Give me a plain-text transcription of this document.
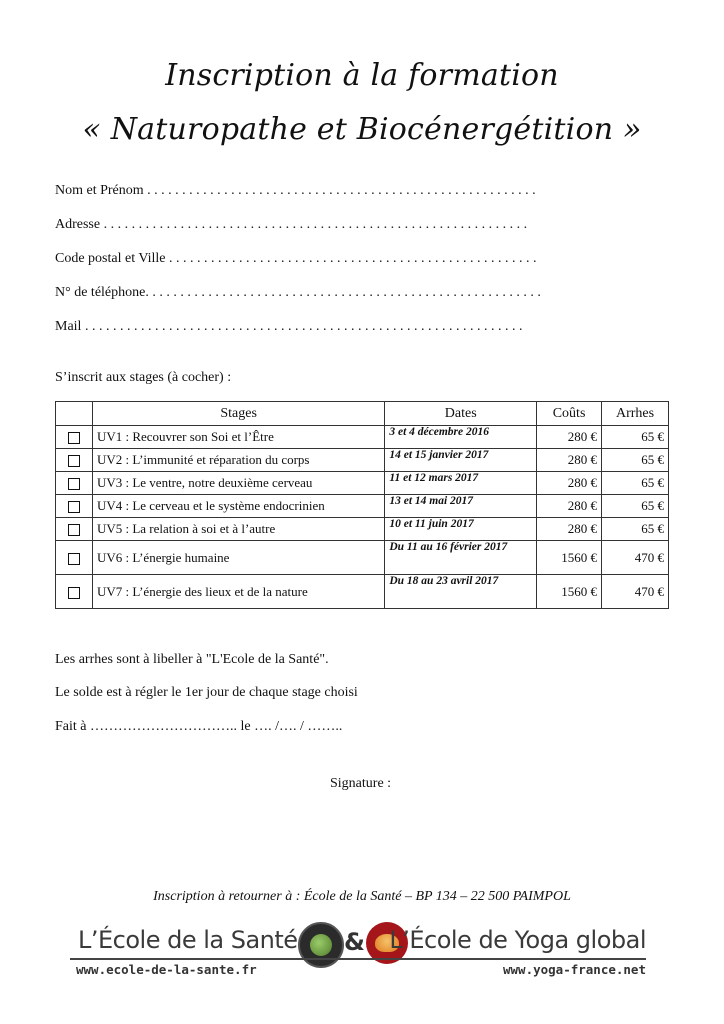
Inscription à la formation
« Naturopathe et Biocénergétition »
Nom et Prénom . . . . . . . . . . . . . . . . . . . . . . . . . . . . . . . . . . . . . . . . . . . . . . . . . . . . . . . .
Adresse . . . . . . . . . . . . . . . . . . . . . . . . . . . . . . . . . . . . . . . . . . . . . . . . . . . . . . . . . . . . .
Code postal et Ville . . . . . . . . . . . . . . . . . . . . . . . . . . . . . . . . . . . . . . . . . . . . . . . . . . . . .
N° de téléphone. . . . . . . . . . . . . . . . . . . . . . . . . . . . . . . . . . . . . . . . . . . . . . . . . . . . . . . . .
Mail . . . . . . . . . . . . . . . . . . . . . . . . . . . . . . . . . . . . . . . . . . . . . . . . . . . . . . . . . . . . . . .
S’inscrit aux stages (à cocher) :
	Stages	Dates	Coûts	Arrhes
	UV1 : Recouvrer son Soi et l’Être	3 et 4 décembre 2016	280 €	65 €
	UV2 : L’immunité et réparation du corps	14 et 15 janvier 2017	280 €	65 €
	UV3 : Le ventre, notre deuxième cerveau	11 et 12 mars 2017	280 €	65 €
	UV4 : Le cerveau et le système endocrinien	13 et 14 mai 2017	280 €	65 €
	UV5 : La relation à soi et à l’autre	10 et 11 juin 2017	280 €	65 €
	UV6 : L’énergie humaine	Du 11 au 16 février 2017	1560 €	470 €
	UV7 : L’énergie des lieux et de la nature	Du 18 au 23 avril 2017	1560 €	470 €
Les arrhes sont à libeller à "L'Ecole de la Santé".
Le solde est à régler le 1er jour de chaque stage choisi
Fait à ………………………….. le …. /…. / ……..
Signature :
Inscription à retourner à : École de la Santé – BP 134 – 22 500 PAIMPOL
L’École de la Santé & L’École de Yoga global
www.ecole-de-la-sante.fr	www.yoga-france.net
